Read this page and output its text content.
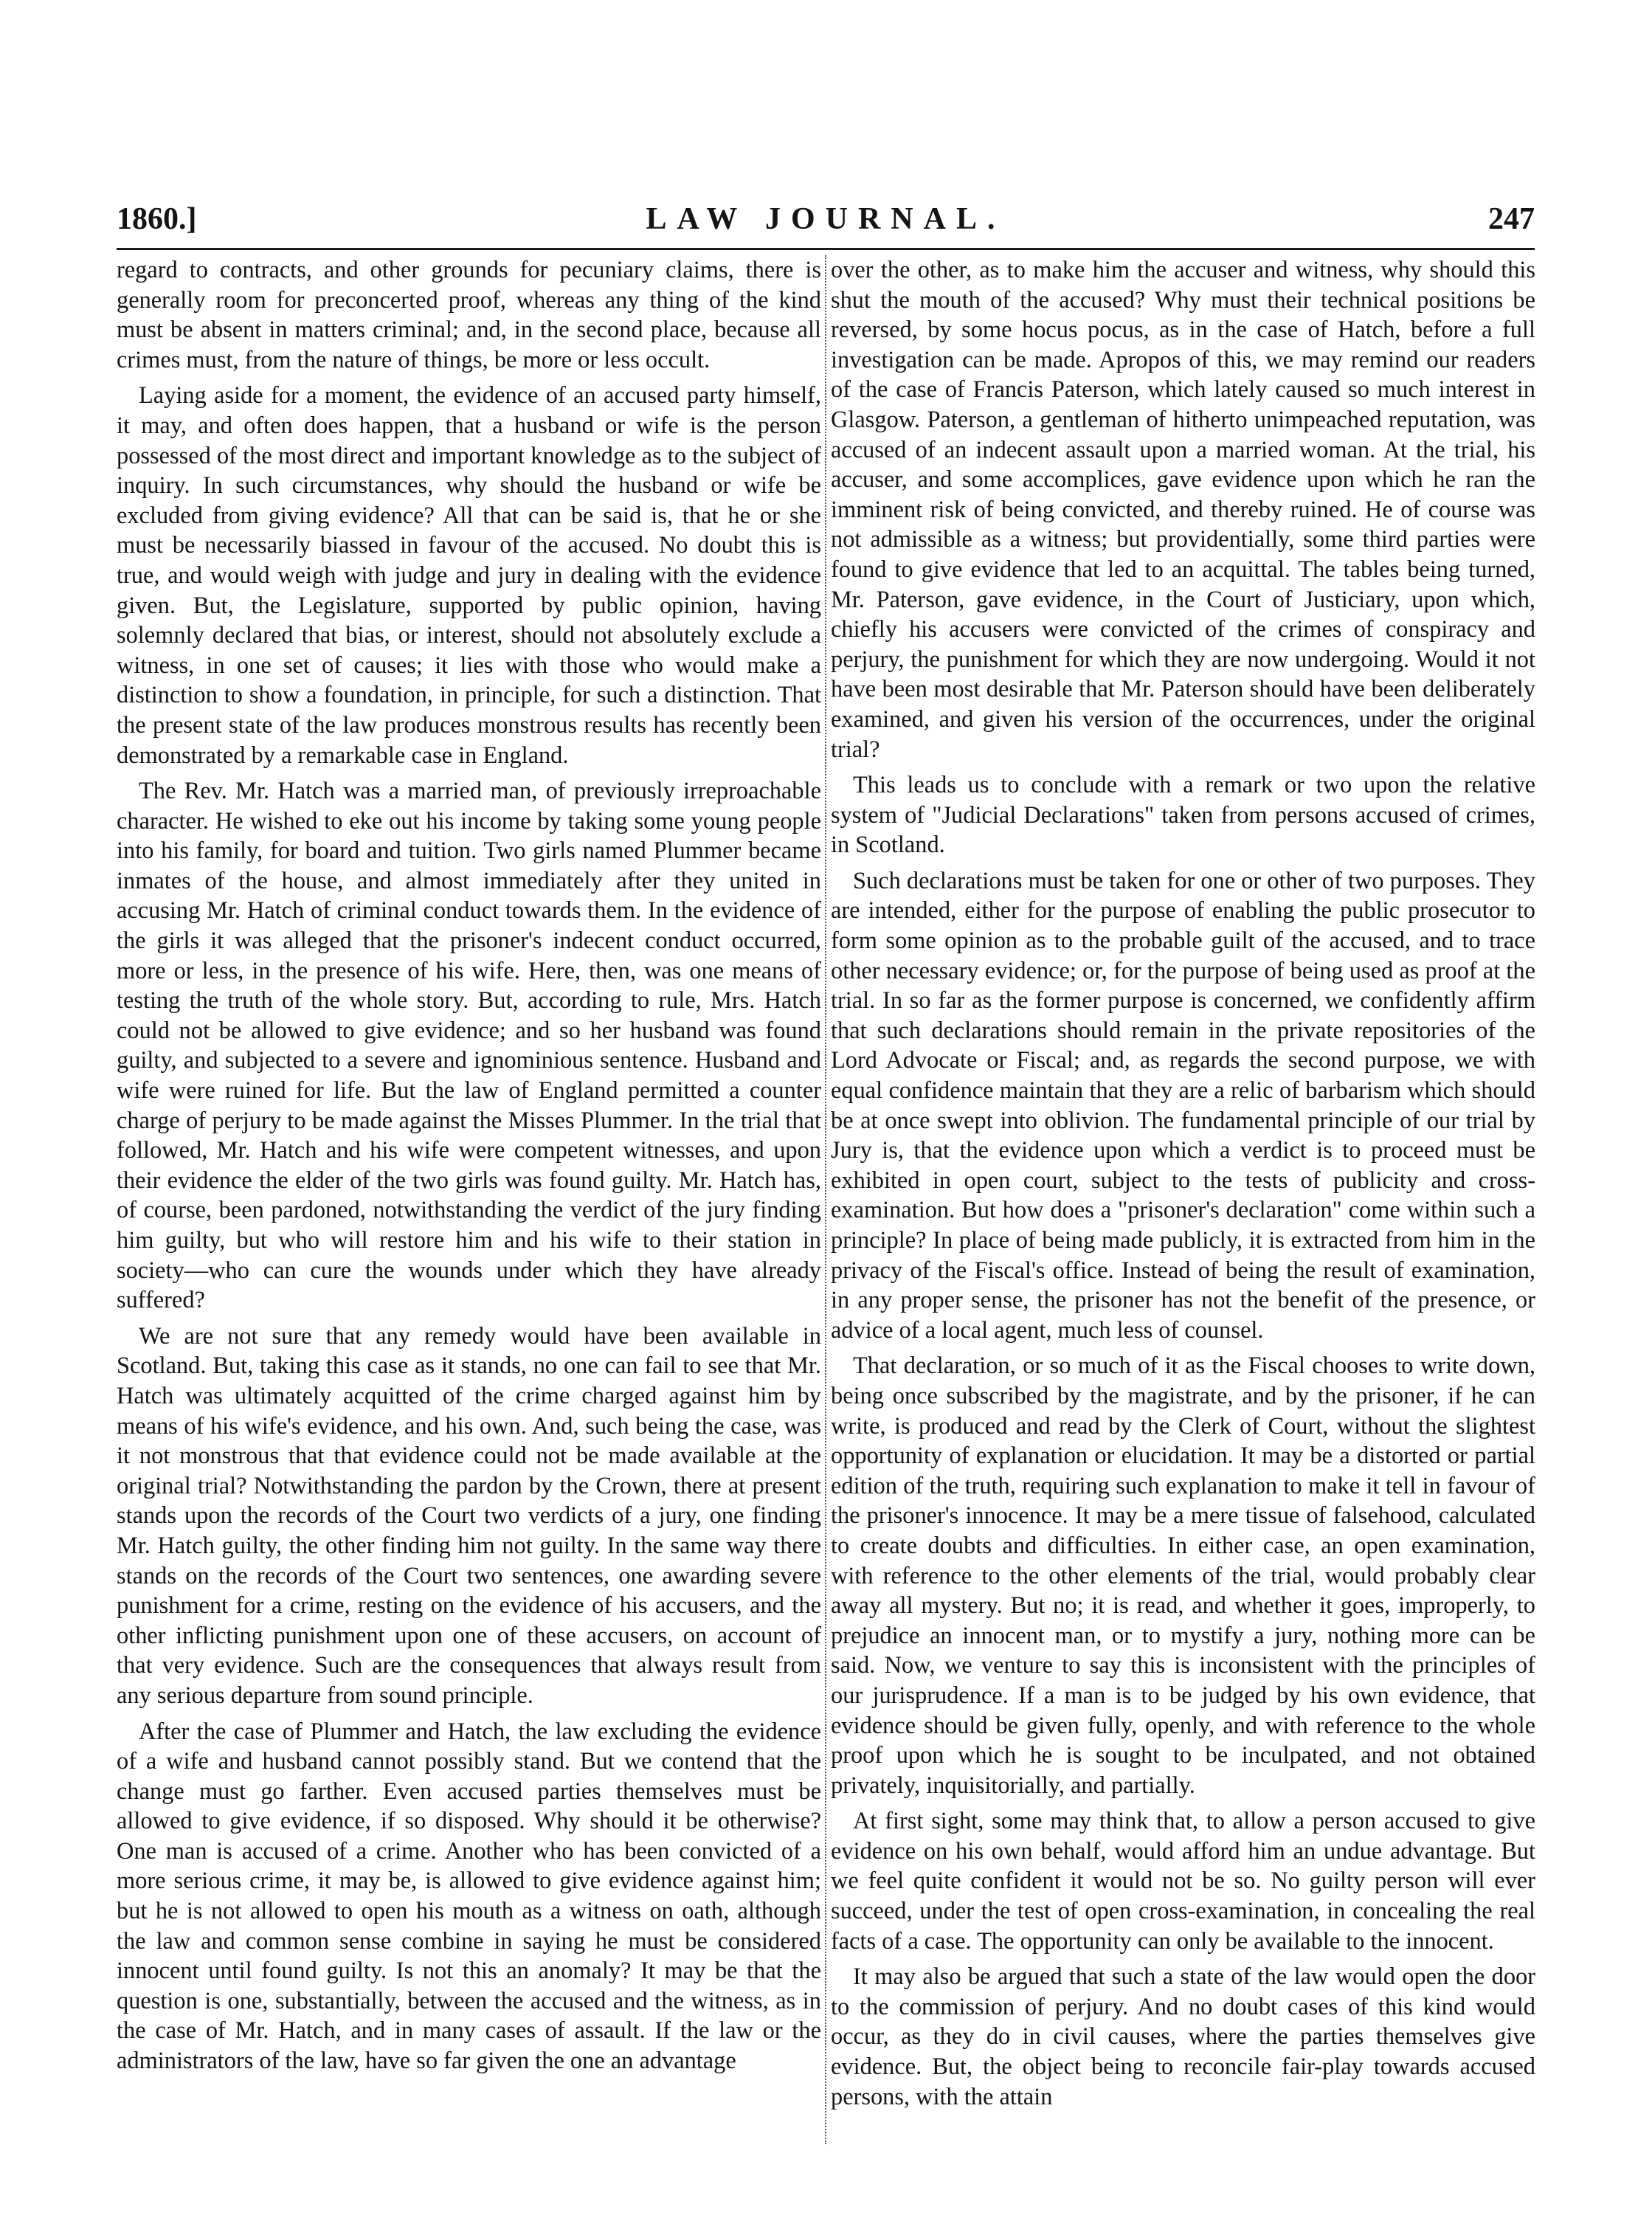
1860.]	LAW JOURNAL.	247

regard to contracts, and other grounds for pecuniary claims, there is generally room for preconcerted proof, whereas any thing of the kind must be absent in matters criminal; and, in the second place, because all crimes must, from the nature of things, be more or less occult.

Laying aside for a moment, the evidence of an accused party himself, it may, and often does happen, that a husband or wife is the person possessed of the most direct and important knowledge as to the subject of inquiry. In such circumstances, why should the husband or wife be excluded from giving evidence? All that can be said is, that he or she must be necessarily biassed in favour of the accused. No doubt this is true, and would weigh with judge and jury in dealing with the evidence given. But, the Legislature, supported by public opinion, having solemnly declared that bias, or interest, should not absolutely exclude a witness, in one set of causes; it lies with those who would make a distinction to show a foundation, in principle, for such a distinction. That the present state of the law produces monstrous results has recently been demonstrated by a remarkable case in England.

The Rev. Mr. Hatch was a married man, of previously irreproachable character. He wished to eke out his income by taking some young people into his family, for board and tuition. Two girls named Plummer became inmates of the house, and almost immediately after they united in accusing Mr. Hatch of criminal conduct towards them. In the evidence of the girls it was alleged that the prisoner's indecent conduct occurred, more or less, in the presence of his wife. Here, then, was one means of testing the truth of the whole story. But, according to rule, Mrs. Hatch could not be allowed to give evidence; and so her husband was found guilty, and subjected to a severe and ignominious sentence. Husband and wife were ruined for life. But the law of England permitted a counter charge of perjury to be made against the Misses Plummer. In the trial that followed, Mr. Hatch and his wife were competent witnesses, and upon their evidence the elder of the two girls was found guilty. Mr. Hatch has, of course, been pardoned, notwithstanding the verdict of the jury finding him guilty, but who will restore him and his wife to their station in society—who can cure the wounds under which they have already suffered?

We are not sure that any remedy would have been available in Scotland. But, taking this case as it stands, no one can fail to see that Mr. Hatch was ultimately acquitted of the crime charged against him by means of his wife's evidence, and his own. And, such being the case, was it not monstrous that that evidence could not be made available at the original trial? Notwithstanding the pardon by the Crown, there at present stands upon the records of the Court two verdicts of a jury, one finding Mr. Hatch guilty, the other finding him not guilty. In the same way there stands on the records of the Court two sentences, one awarding severe punishment for a crime, resting on the evidence of his accusers, and the other inflicting punishment upon one of these accusers, on account of that very evidence. Such are the consequences that always result from any serious departure from sound principle.

After the case of Plummer and Hatch, the law excluding the evidence of a wife and husband cannot possibly stand. But we contend that the change must go farther. Even accused parties themselves must be allowed to give evidence, if so disposed. Why should it be otherwise? One man is accused of a crime. Another who has been convicted of a more serious crime, it may be, is allowed to give evidence against him; but he is not allowed to open his mouth as a witness on oath, although the law and common sense combine in saying he must be considered innocent until found guilty. Is not this an anomaly? It may be that the question is one, substantially, between the accused and the witness, as in the case of Mr. Hatch, and in many cases of assault. If the law or the administrators of the law, have so far given the one an advantage

over the other, as to make him the accuser and witness, why should this shut the mouth of the accused? Why must their technical positions be reversed, by some hocus pocus, as in the case of Hatch, before a full investigation can be made. Apropos of this, we may remind our readers of the case of Francis Paterson, which lately caused so much interest in Glasgow. Paterson, a gentleman of hitherto unimpeached reputation, was accused of an indecent assault upon a married woman. At the trial, his accuser, and some accomplices, gave evidence upon which he ran the imminent risk of being convicted, and thereby ruined. He of course was not admissible as a witness; but providentially, some third parties were found to give evidence that led to an acquittal. The tables being turned, Mr. Paterson, gave evidence, in the Court of Justiciary, upon which, chiefly his accusers were convicted of the crimes of conspiracy and perjury, the punishment for which they are now undergoing. Would it not have been most desirable that Mr. Paterson should have been deliberately examined, and given his version of the occurrences, under the original trial?

This leads us to conclude with a remark or two upon the relative system of "Judicial Declarations" taken from persons accused of crimes, in Scotland.

Such declarations must be taken for one or other of two purposes. They are intended, either for the purpose of enabling the public prosecutor to form some opinion as to the probable guilt of the accused, and to trace other necessary evidence; or, for the purpose of being used as proof at the trial. In so far as the former purpose is concerned, we confidently affirm that such declarations should remain in the private repositories of the Lord Advocate or Fiscal; and, as regards the second purpose, we with equal confidence maintain that they are a relic of barbarism which should be at once swept into oblivion. The fundamental principle of our trial by Jury is, that the evidence upon which a verdict is to proceed must be exhibited in open court, subject to the tests of publicity and cross-examination. But how does a "prisoner's declaration" come within such a principle? In place of being made publicly, it is extracted from him in the privacy of the Fiscal's office. Instead of being the result of examination, in any proper sense, the prisoner has not the benefit of the presence, or advice of a local agent, much less of counsel.

That declaration, or so much of it as the Fiscal chooses to write down, being once subscribed by the magistrate, and by the prisoner, if he can write, is produced and read by the Clerk of Court, without the slightest opportunity of explanation or elucidation. It may be a distorted or partial edition of the truth, requiring such explanation to make it tell in favour of the prisoner's innocence. It may be a mere tissue of falsehood, calculated to create doubts and difficulties. In either case, an open examination, with reference to the other elements of the trial, would probably clear away all mystery. But no; it is read, and whether it goes, improperly, to prejudice an innocent man, or to mystify a jury, nothing more can be said. Now, we venture to say this is inconsistent with the principles of our jurisprudence. If a man is to be judged by his own evidence, that evidence should be given fully, openly, and with reference to the whole proof upon which he is sought to be inculpated, and not obtained privately, inquisitorially, and partially.

At first sight, some may think that, to allow a person accused to give evidence on his own behalf, would afford him an undue advantage. But we feel quite confident it would not be so. No guilty person will ever succeed, under the test of open cross-examination, in concealing the real facts of a case. The opportunity can only be available to the innocent.

It may also be argued that such a state of the law would open the door to the commission of perjury. And no doubt cases of this kind would occur, as they do in civil causes, where the parties themselves give evidence. But, the object being to reconcile fair-play towards accused persons, with the attain
